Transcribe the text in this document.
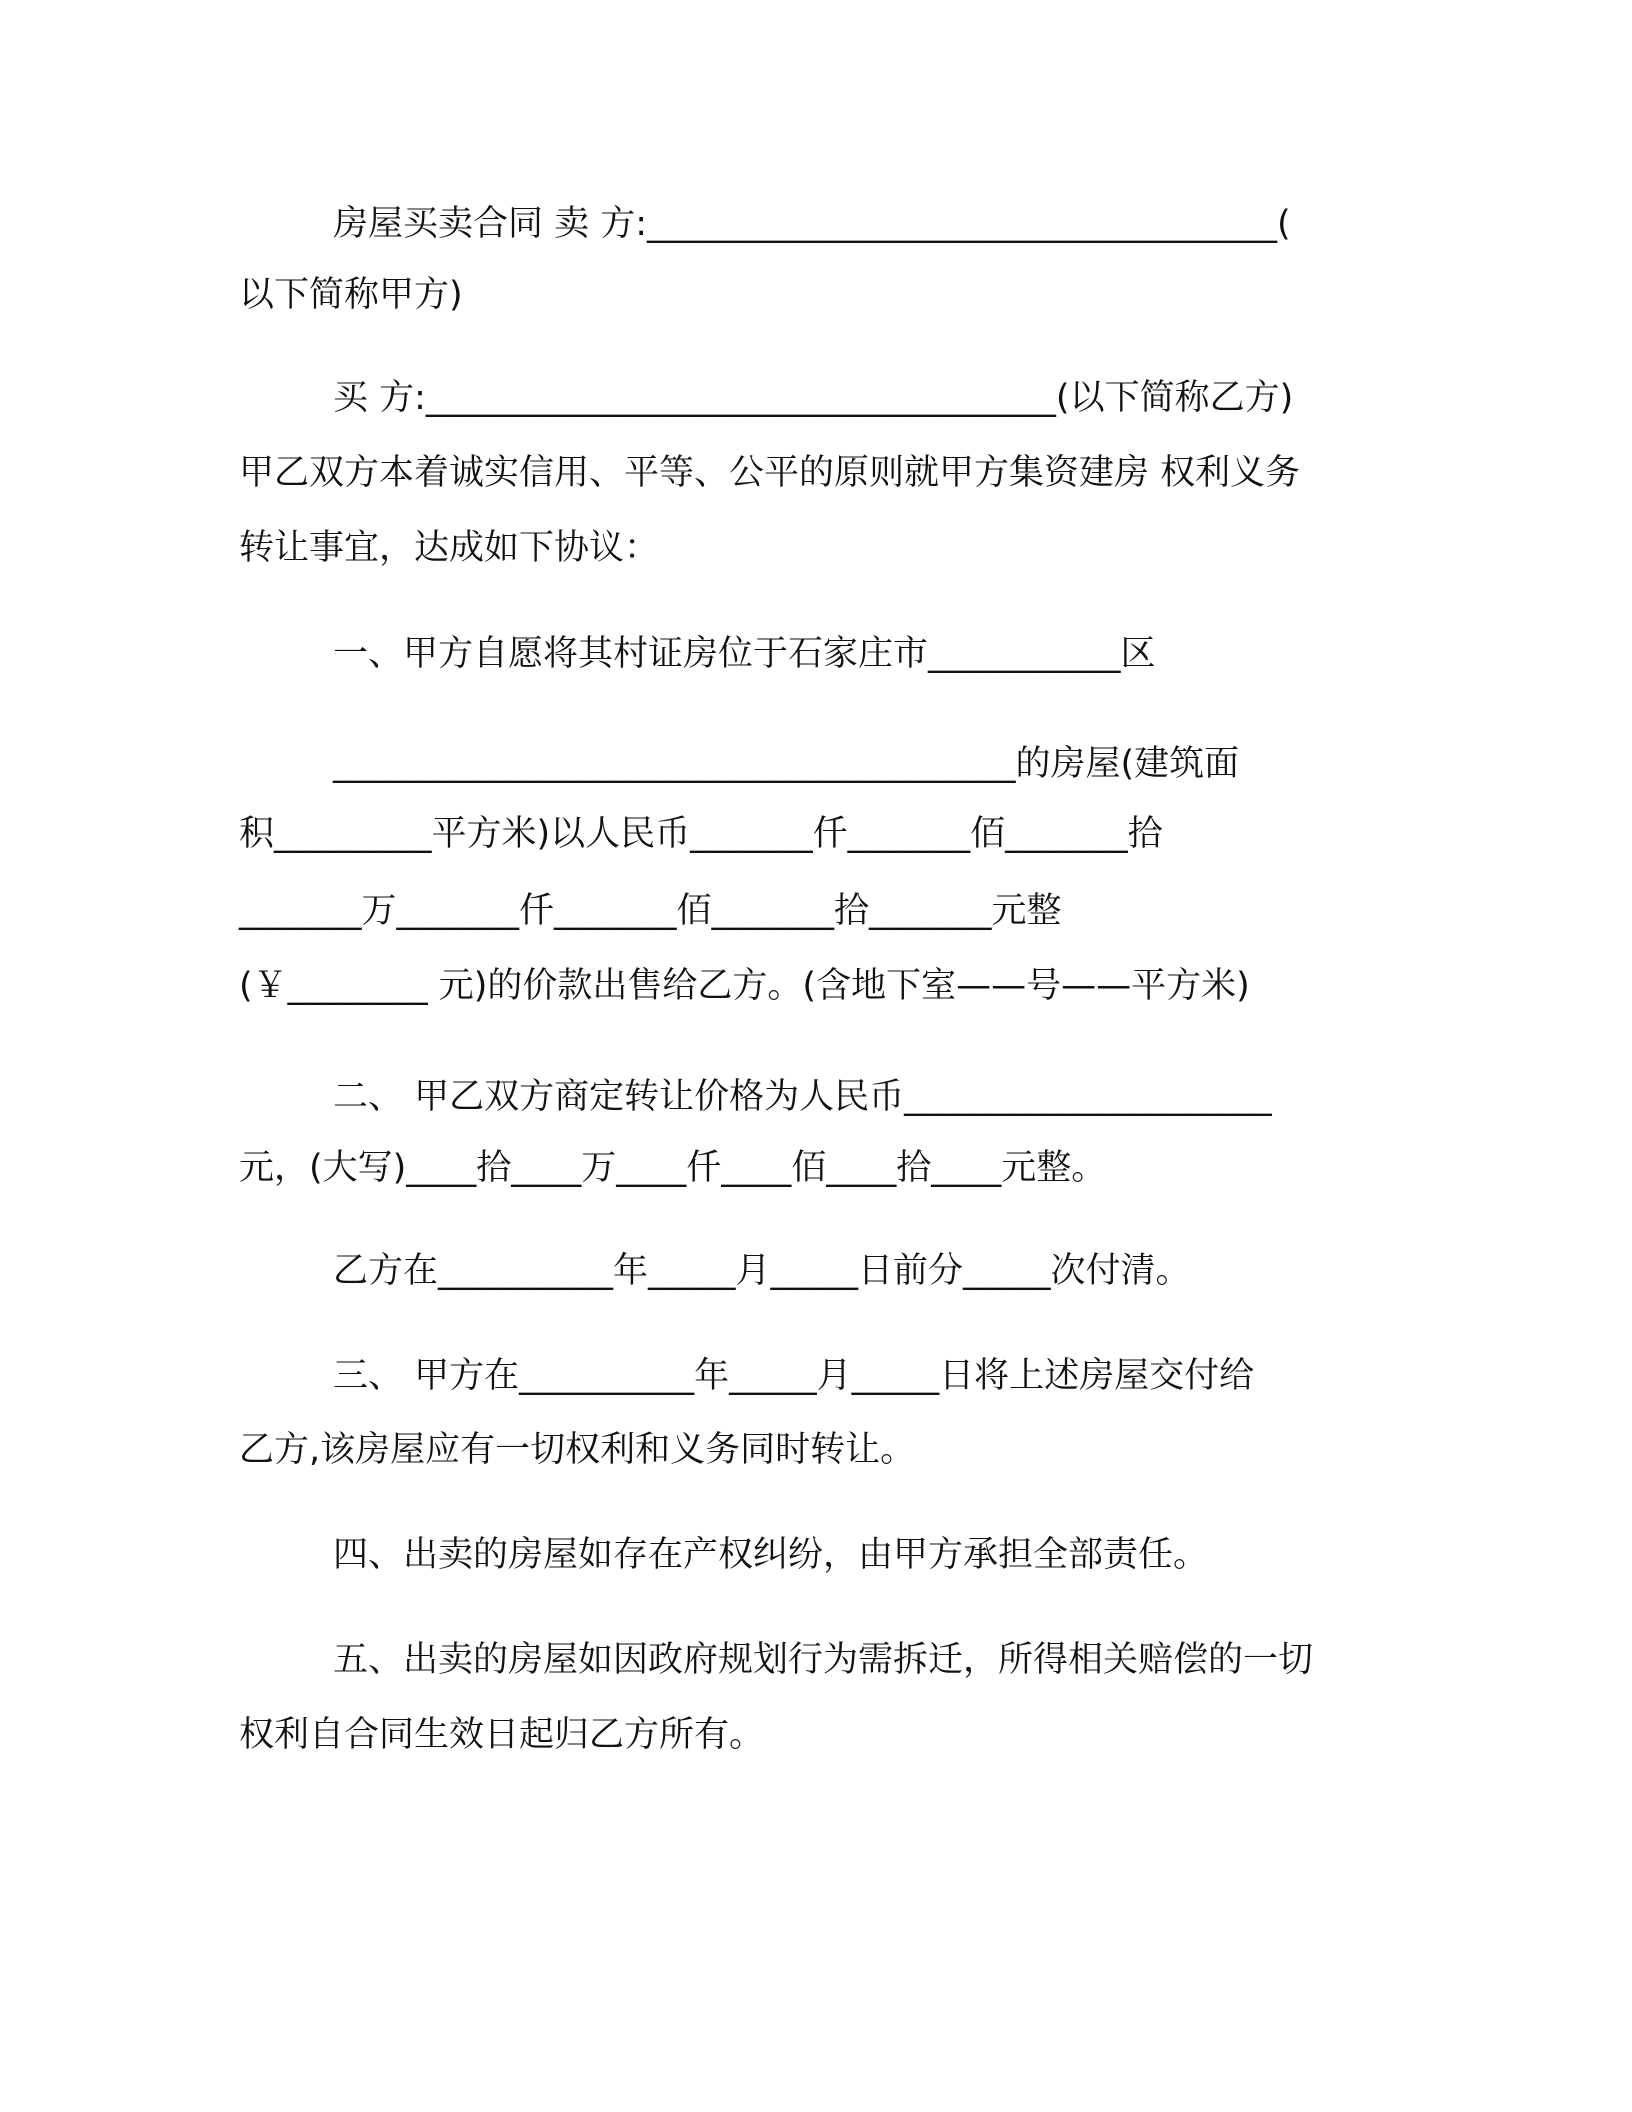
房屋买卖合同 卖 方:____________________________________(
以下简称甲方)
买 方:____________________________________(以下简称乙方)
甲乙双方本着诚实信用、平等、公平的原则就甲方集资建房 权利义务
转让事宜，达成如下协议：
一、甲方自愿将其村证房位于石家庄市___________区
_______________________________________的房屋(建筑面
积_________平方米)以人民币_______仟_______佰_______拾
_______万_______仟_______佰_______拾_______元整
(￥________ 元)的价款出售给乙方。(含地下室——号——平方米)
二、 甲乙双方商定转让价格为人民币_____________________
元，(大写)____拾____万____仟____佰____拾____元整。
乙方在__________年_____月_____日前分_____次付清。
三、 甲方在__________年_____月_____日将上述房屋交付给
乙方,该房屋应有一切权利和义务同时转让。
四、出卖的房屋如存在产权纠纷，由甲方承担全部责任。
五、出卖的房屋如因政府规划行为需拆迁，所得相关赔偿的一切
权利自合同生效日起归乙方所有。
